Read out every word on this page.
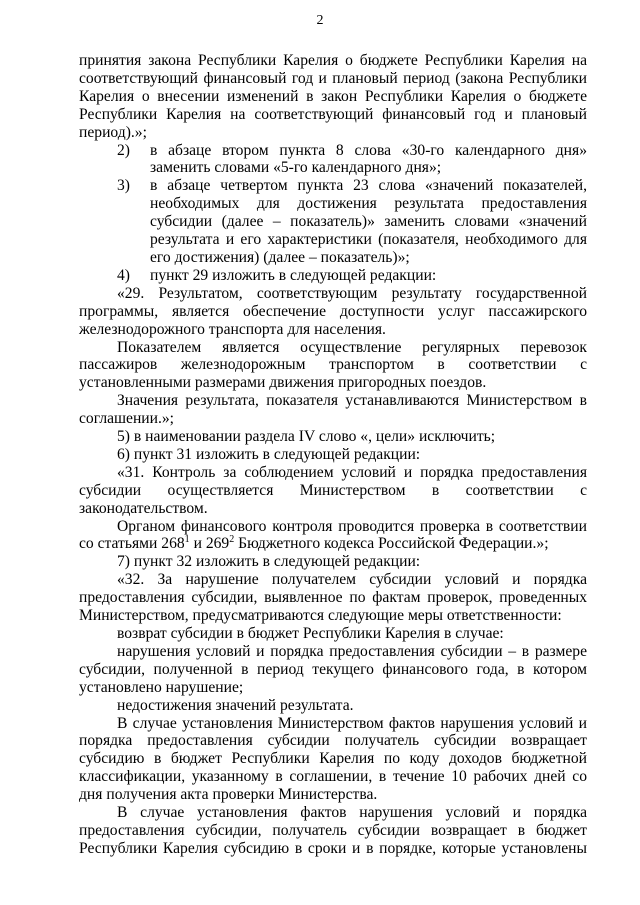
2

принятия закона Республики Карелия о бюджете Республики Карелия на соответствующий финансовый год и плановый период (закона Республики Карелия о внесении изменений в закон Республики Карелия о бюджете Республики Карелия на соответствующий финансовый год и плановый период).»;

2)	в абзаце втором пункта 8 слова «30-го календарного дня» заменить словами «5-го календарного дня»;
3)	в абзаце четвертом пункта 23 слова «значений показателей, необходимых для достижения результата предоставления субсидии (далее – показатель)» заменить словами «значений результата и его характеристики (показателя, необходимого для его достижения) (далее – показатель)»;
4)	пункт 29 изложить в следующей редакции:

«29. Результатом, соответствующим результату государственной программы, является обеспечение доступности услуг пассажирского железнодорожного транспорта для населения.

Показателем является осуществление регулярных перевозок пассажиров железнодорожным транспортом в соответствии с установленными размерами движения пригородных поездов.

Значения результата, показателя устанавливаются Министерством в соглашении.»;

5) в наименовании раздела IV слово «, цели» исключить;

6) пункт 31 изложить в следующей редакции:

«31. Контроль за соблюдением условий и порядка предоставления субсидии осуществляется Министерством в соответствии с законодательством.

Органом финансового контроля проводится проверка в соответствии со статьями $268^1$ и $269^2$ Бюджетного кодекса Российской Федерации.»;

7) пункт 32 изложить в следующей редакции:

«32. За нарушение получателем субсидии условий и порядка предоставления субсидии, выявленное по фактам проверок, проведенных Министерством, предусматриваются следующие меры ответственности:

возврат субсидии в бюджет Республики Карелия в случае:

нарушения условий и порядка предоставления субсидии – в размере субсидии, полученной в период текущего финансового года, в котором установлено нарушение;

недостижения значений результата.

В случае установления Министерством фактов нарушения условий и порядка предоставления субсидии получатель субсидии возвращает субсидию в бюджет Республики Карелия по коду доходов бюджетной классификации, указанному в соглашении, в течение 10 рабочих дней со дня получения акта проверки Министерства.

В случае установления фактов нарушения условий и порядка предоставления субсидии, получатель субсидии возвращает в бюджет Республики Карелия субсидию в сроки и в порядке, которые установлены
